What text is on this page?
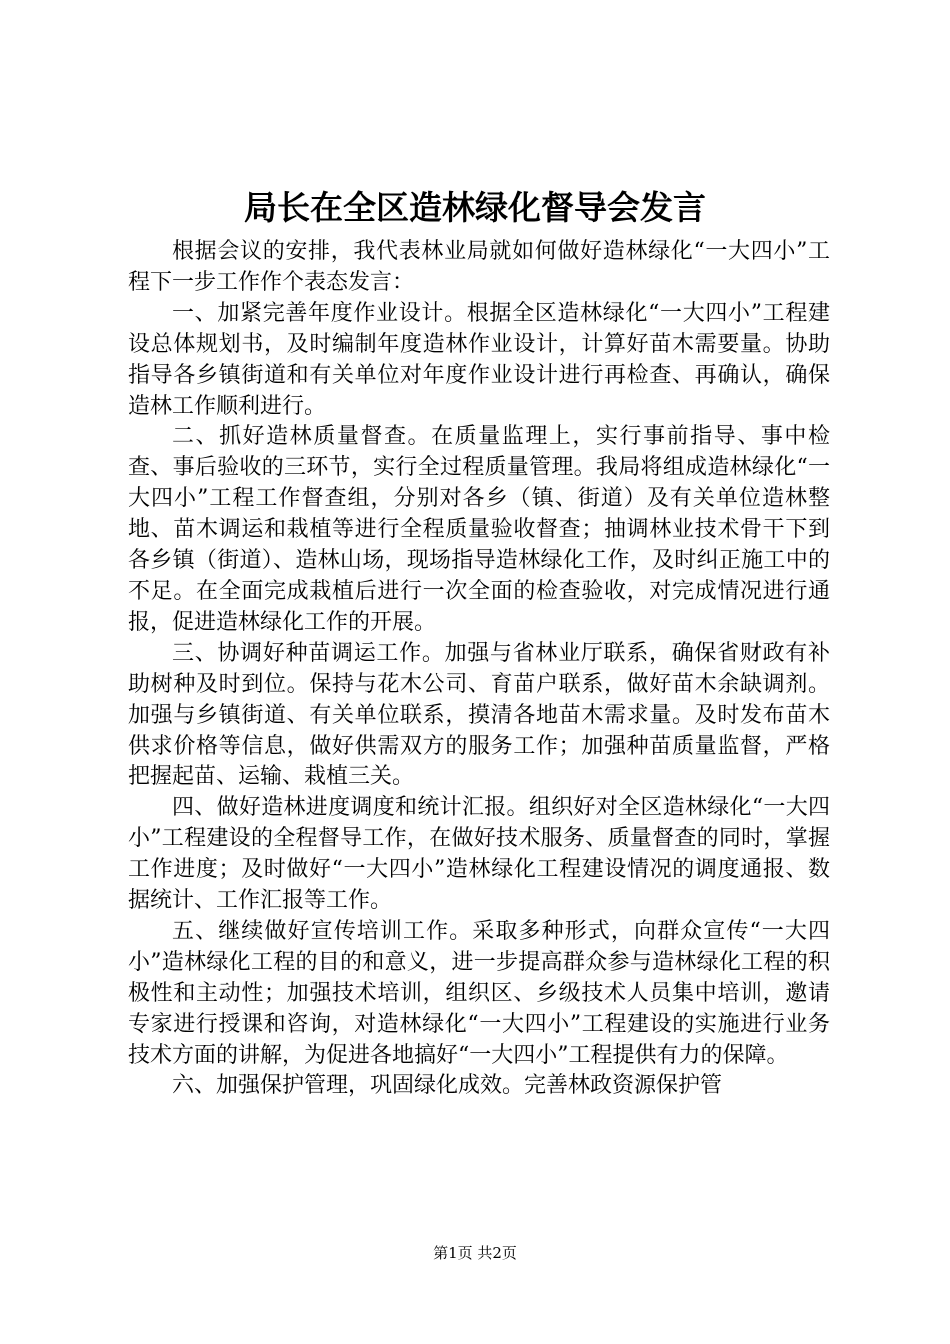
局长在全区造林绿化督导会发言

根据会议的安排，我代表林业局就如何做好造林绿化“一大四小”工程下一步工作作个表态发言：

一、加紧完善年度作业设计。根据全区造林绿化“一大四小”工程建设总体规划书，及时编制年度造林作业设计，计算好苗木需要量。协助指导各乡镇街道和有关单位对年度作业设计进行再检查、再确认，确保造林工作顺利进行。

二、抓好造林质量督查。在质量监理上，实行事前指导、事中检查、事后验收的三环节，实行全过程质量管理。我局将组成造林绿化“一大四小”工程工作督查组，分别对各乡（镇、街道）及有关单位造林整地、苗木调运和栽植等进行全程质量验收督查；抽调林业技术骨干下到各乡镇（街道）、造林山场，现场指导造林绿化工作，及时纠正施工中的不足。在全面完成栽植后进行一次全面的检查验收，对完成情况进行通报，促进造林绿化工作的开展。

三、协调好种苗调运工作。加强与省林业厅联系，确保省财政有补助树种及时到位。保持与花木公司、育苗户联系，做好苗木余缺调剂。加强与乡镇街道、有关单位联系，摸清各地苗木需求量。及时发布苗木供求价格等信息，做好供需双方的服务工作；加强种苗质量监督，严格把握起苗、运输、栽植三关。

四、做好造林进度调度和统计汇报。组织好对全区造林绿化“一大四小”工程建设的全程督导工作，在做好技术服务、质量督查的同时，掌握工作进度；及时做好“一大四小”造林绿化工程建设情况的调度通报、数据统计、工作汇报等工作。

五、继续做好宣传培训工作。采取多种形式，向群众宣传“一大四小”造林绿化工程的目的和意义，进一步提高群众参与造林绿化工程的积极性和主动性；加强技术培训，组织区、乡级技术人员集中培训，邀请专家进行授课和咨询，对造林绿化“一大四小”工程建设的实施进行业务技术方面的讲解，为促进各地搞好“一大四小”工程提供有力的保障。

六、加强保护管理，巩固绿化成效。完善林政资源保护管

第1页 共2页
